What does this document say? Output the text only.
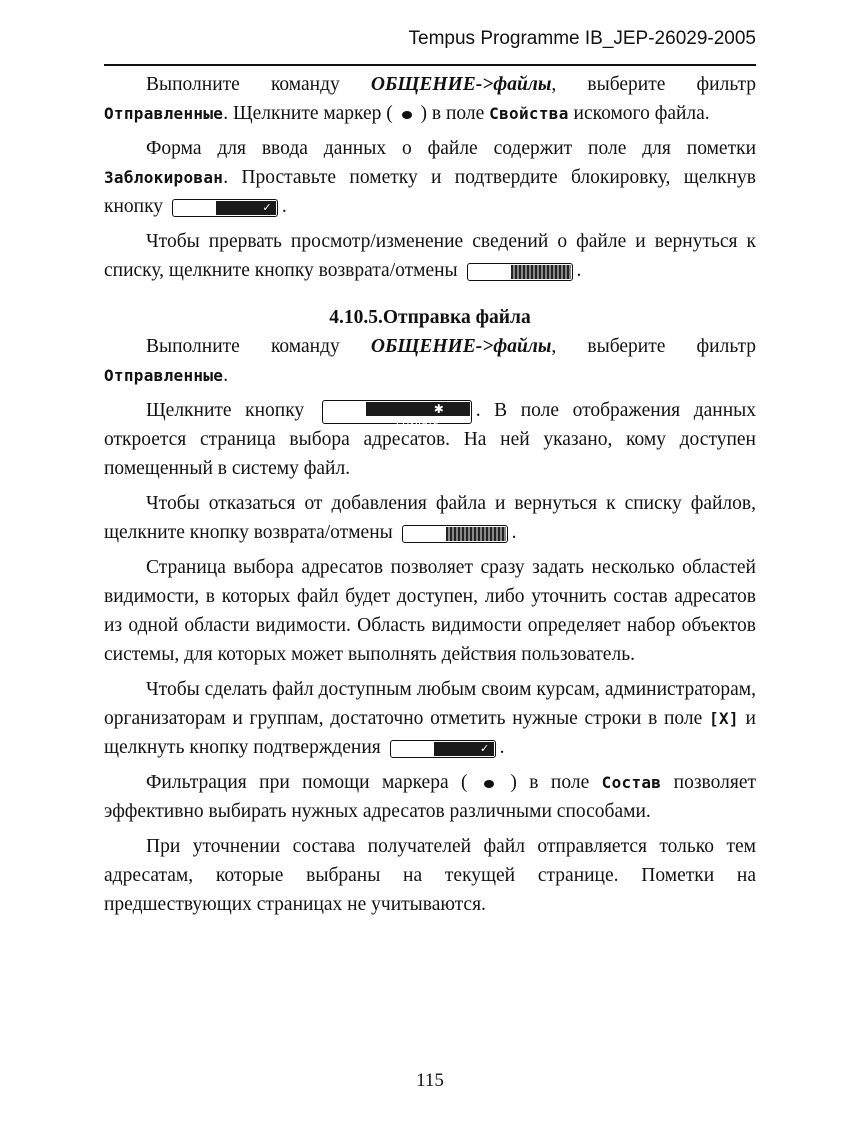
Tempus Programme IB_JEP-26029-2005

Выполните команду ОБЩЕНИЕ->файлы, выберите фильтр Отправленные. Щелкните маркер (  ) в поле Свойства искомого файла.

Форма для ввода данных о файле содержит поле для пометки Заблокирован. Проставьте пометку и подтвердите блокировку, щелкнув кнопку	✓ .

Чтобы прервать просмотр/изменение сведений о файле и вернуться к списку, щелкните кнопку возврата/отмены	.

4.10.5.Отправка файла

Выполните команду ОБЩЕНИЕ->файлы, выберите фильтр Отправленные.

Щелкните кнопку	✱ создать. В поле отображения данных откроется страница выбора адресатов. На ней указано, кому доступен помещенный в систему файл.

Чтобы отказаться от добавления файла и вернуться к списку файлов, щелкните кнопку возврата/отмены	.

Страница выбора адресатов позволяет сразу задать несколько областей видимости, в которых файл будет доступен, либо уточнить состав адресатов из одной области видимости. Область видимости определяет набор объектов системы, для которых может выполнять действия пользователь.

Чтобы сделать файл доступным любым своим курсам, администраторам, организаторам и группам, достаточно отметить нужные строки в поле [X] и щелкнуть кнопку подтверждения	✓ .

Фильтрация при помощи маркера (  ) в поле Состав позволяет эффективно выбирать нужных адресатов различными способами.

При уточнении состава получателей файл отправляется только тем адресатам, которые выбраны на текущей странице. Пометки на предшествующих страницах не учитываются.

115
